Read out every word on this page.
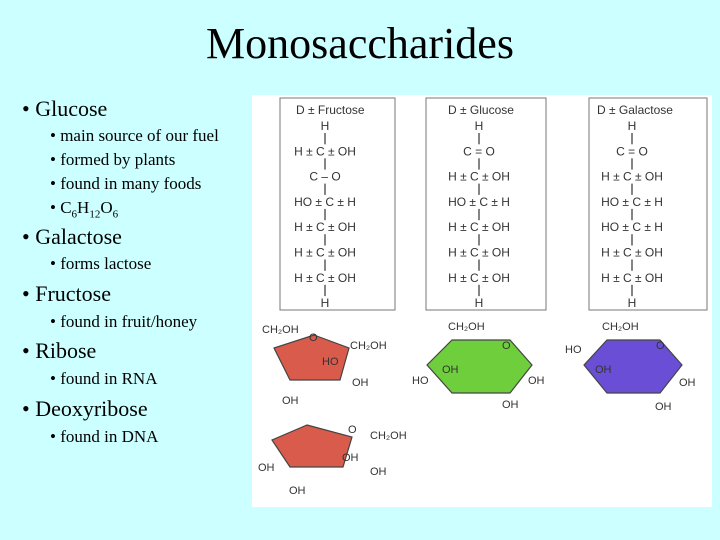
Monosaccharides
• Glucose
• main source of our fuel
• formed by plants
• found in many foods
• $C_6H_{12}O_6$
• Galactose
• forms lactose
• Fructose
• found in fruit/honey
• Ribose
• found in RNA
• Deoxyribose
• found in DNA
D ± Fructose	D ± Glucose	D ± Galactose
H
H ± C ± OH
C – O
HO ± C ± H
H ± C ± OH
H ± C ± OH
H ± C ± OH
H
H
C = O
H ± C ± OH
HO ± C ± H
H ± C ± OH
H ± C ± OH
H ± C ± OH
H
H
C = O
H ± C ± OH
HO ± C ± H
HO ± C ± H
H ± C ± OH
H ± C ± OH
H
CH₂OH
O
CH₂OH
HO
OH
OH
CH₂OH
O
HO
OH
OH
OH
CH₂OH
O
HO
OH
OH
OH
O CH₂OH
OH
OH
OH
OH
